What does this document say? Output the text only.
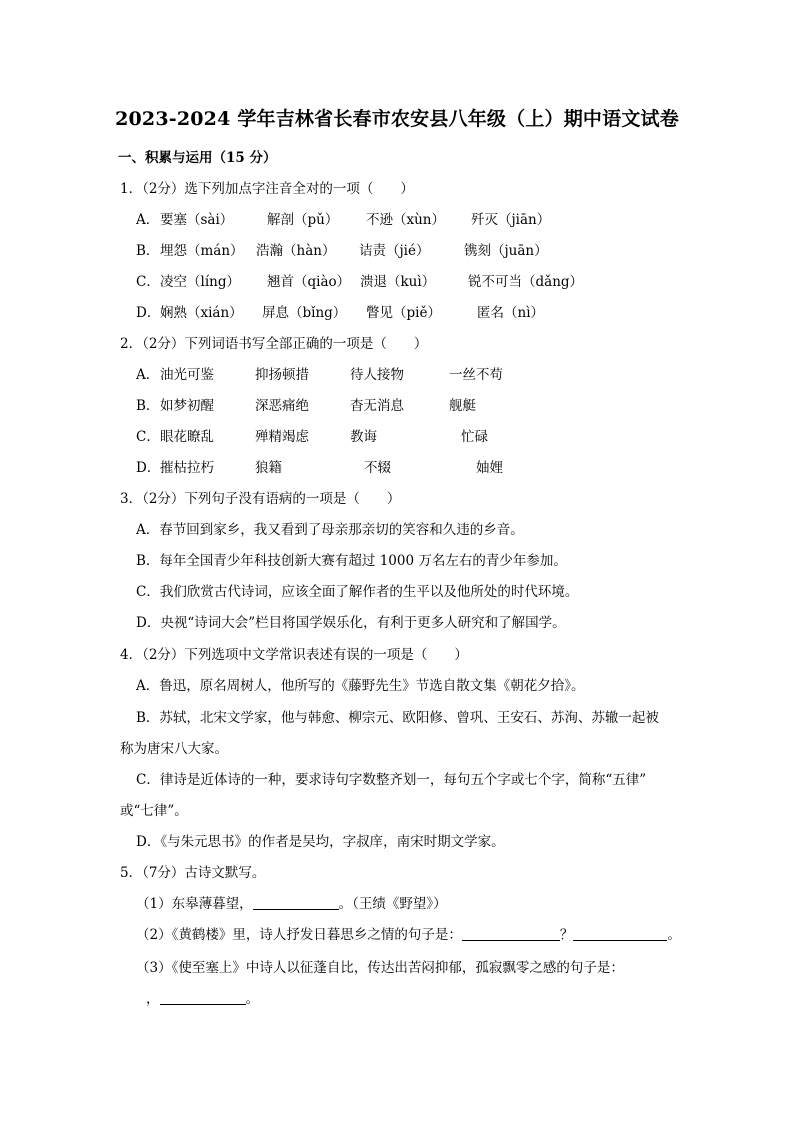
2023-2024 学年吉林省长春市农安县八年级（上）期中语文试卷
一、积累与运用（15 分）
1．（2分）选下列加点字注音全对的一项（　　）
A． 要塞（sài） 解剖（pǔ） 不逊（xùn） 歼灭（jiān）
B． 埋怨（mán） 浩瀚（hàn） 诘责（jié）	镌刻（juān）
C． 凌空（líng） 翘首（qiào） 溃退（kuì） 锐不可当（dǎng）
D． 娴熟（xián） 屏息（bǐng） 瞥见（piě）	匿名（nì）
2．（2分）下列词语书写全部正确的一项是（　　）
A． 油光可鉴	抑扬顿措	待人接物	一丝不苟
B． 如梦初醒	深恶痛绝	杳无消息	舰艇
C． 眼花瞭乱	殚精竭虑	教诲	忙碌
D． 摧枯拉朽	狼籍	不辍	妯娌
3．（2分）下列句子没有语病的一项是（　　）
A．春节回到家乡，我又看到了母亲那亲切的笑容和久违的乡音。
B．每年全国青少年科技创新大赛有超过 1000 万名左右的青少年参加。
C．我们欣赏古代诗词，应该全面了解作者的生平以及他所处的时代环境。
D．央视“诗词大会”栏目将国学娱乐化，有利于更多人研究和了解国学。
4．（2分）下列选项中文学常识表述有误的一项是（　　）
A．鲁迅，原名周树人，他所写的《藤野先生》节选自散文集《朝花夕拾》。
B．苏轼，北宋文学家，他与韩愈、柳宗元、欧阳修、曾巩、王安石、苏洵、苏辙一起被
称为唐宋八大家。
C．律诗是近体诗的一种，要求诗句字数整齐划一，每句五个字或七个字，简称“五律”
或“七律”。
D．《与朱元思书》的作者是吴均，字叔庠，南宋时期文学家。
5．（7分）古诗文默写。
（1）东皋薄暮望，	。（王绩《野望》）
（2）《黄鹤楼》里，诗人抒发日暮思乡之情的句子是：	？	。
（3）《使至塞上》中诗人以征蓬自比，传达出苦闷抑郁，孤寂飘零之感的句子是：
，	。
